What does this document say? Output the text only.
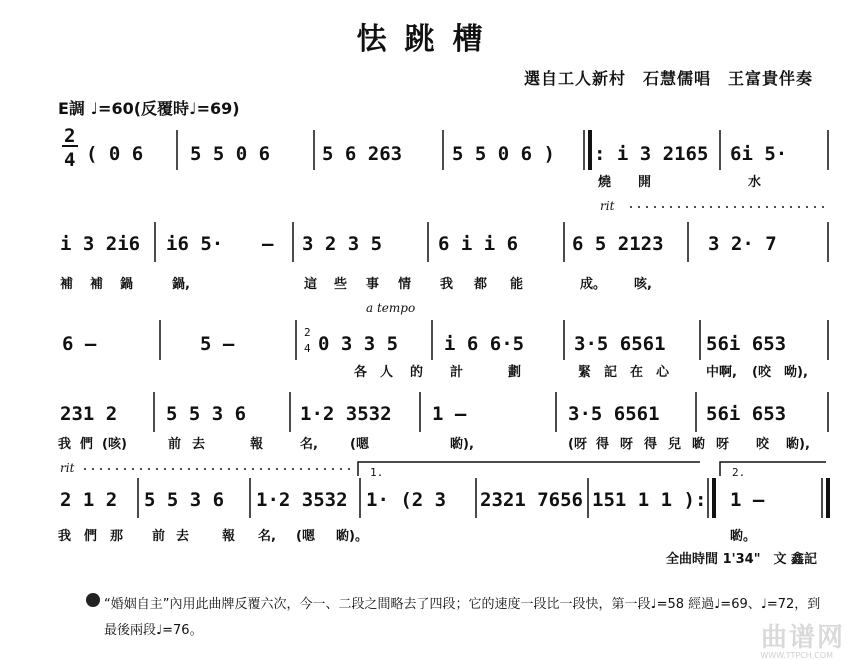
怯跳槽
選自工人新村　石慧儒唱　王富貴伴奏
E調 ♩=60(反覆時♩=69)
2
4 ( 0 6 5 5 0 6	5 6 263	5 5 0 6 ) : i 3 2165 6i 5·
燒 開	水
rit
i 3 2i6 i6 5· – 3 2 3 5	6 i i 6	6 5 2123 3 2· 7
補 補 鍋	鍋,	這 些 事 情 我 都 能	成。 咳,
6 –	5 –
2
4 0 3 3 5
a tempo
i 6 6·5	3·5 6561 56i 653
各 人 的 計	劃	緊 記 在 心	中啊, (咬 呦),
231 2	5 5 3 6	1·2 3532 1 –	3·5 6561 56i 653
我 們 (咳)	前 去	報	名, (嗯	喲),	(呀 得 呀 得 兒 喲 呀 咬 喲),
rit	1.	2.
2 1 2 5 5 3 6 1·2 3532 1· (2 3 2321 7656 151 1 1 ): 1 –
我 們 那 前 去	報 名, (嗯 喲)。	喲。
全曲時間 1'34"　文 鑫記
“婚姻自主”內用此曲牌反覆六次，今一、二段之間略去了四段；它的速度一段比一段快，第一段♩=58 經過♩=69、♩=72，到最後兩段♩=76。	曲谱网
WWW.TTPCH.COM
